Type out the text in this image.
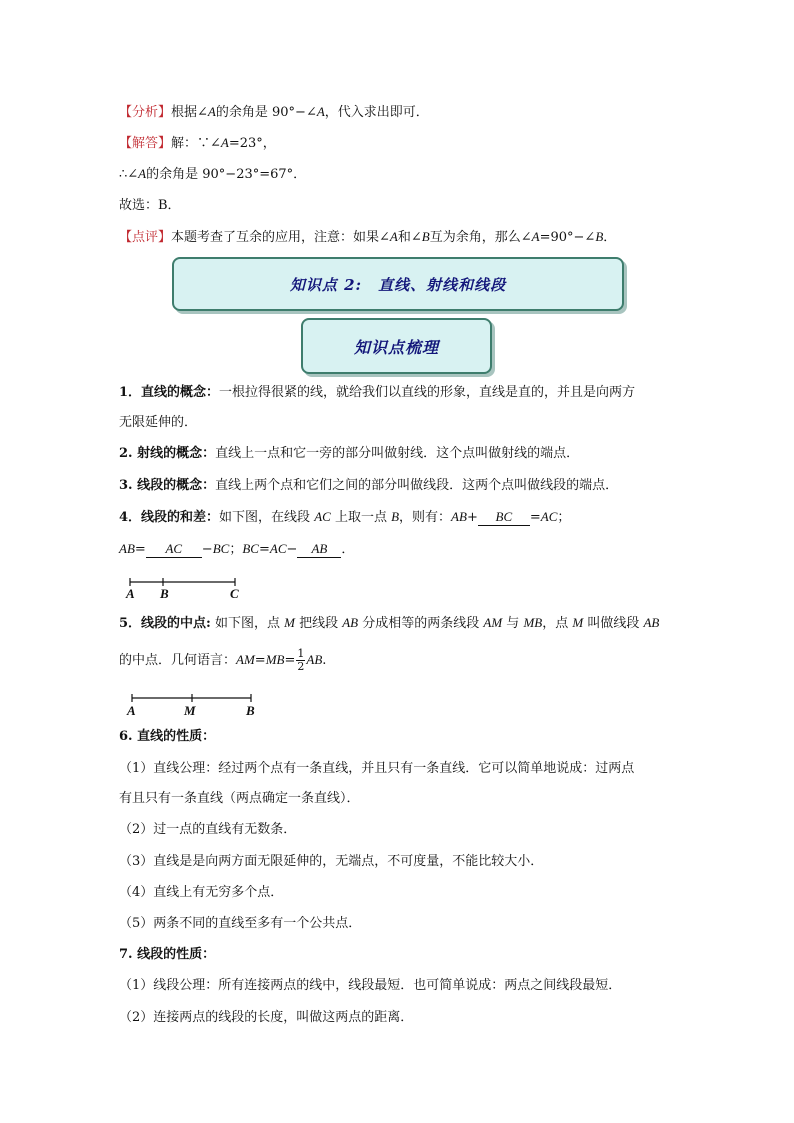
【分析】根据∠A的余角是 90°−∠A，代入求出即可．
【解答】解：∵∠A=23°，
∴∠A的余角是 90°−23°=67°．
故选：B．
【点评】本题考查了互余的应用，注意：如果∠A和∠B互为余角，那么∠A=90°−∠B．
知识点 2:　直线、射线和线段
知识点梳理
1．直线的概念：一根拉得很紧的线，就给我们以直线的形象，直线是直的，并且是向两方
无限延伸的．
2. 射线的概念：直线上一点和它一旁的部分叫做射线．这个点叫做射线的端点．
3. 线段的概念：直线上两个点和它们之间的部分叫做线段．这两个点叫做线段的端点．
4．线段的和差：如下图，在线段 AC 上取一点 B，则有：AB+ BC =AC；
AB= AC −BC；BC=AC− AB ．
A B	C
5．线段的中点: 如下图，点 M 把线段 AB 分成相等的两条线段 AM 与 MB，点 M 叫做线段 AB
的中点．几何语言：$AM=MB= \frac{1}{2}$ AB.
A	M	B
6. 直线的性质：
（1）直线公理：经过两个点有一条直线，并且只有一条直线．它可以简单地说成：过两点
有且只有一条直线（两点确定一条直线）．
（2）过一点的直线有无数条．
（3）直线是是向两方面无限延伸的，无端点，不可度量，不能比较大小．
（4）直线上有无穷多个点．
（5）两条不同的直线至多有一个公共点．
7. 线段的性质：
（1）线段公理：所有连接两点的线中，线段最短．也可简单说成：两点之间线段最短．
（2）连接两点的线段的长度，叫做这两点的距离．
